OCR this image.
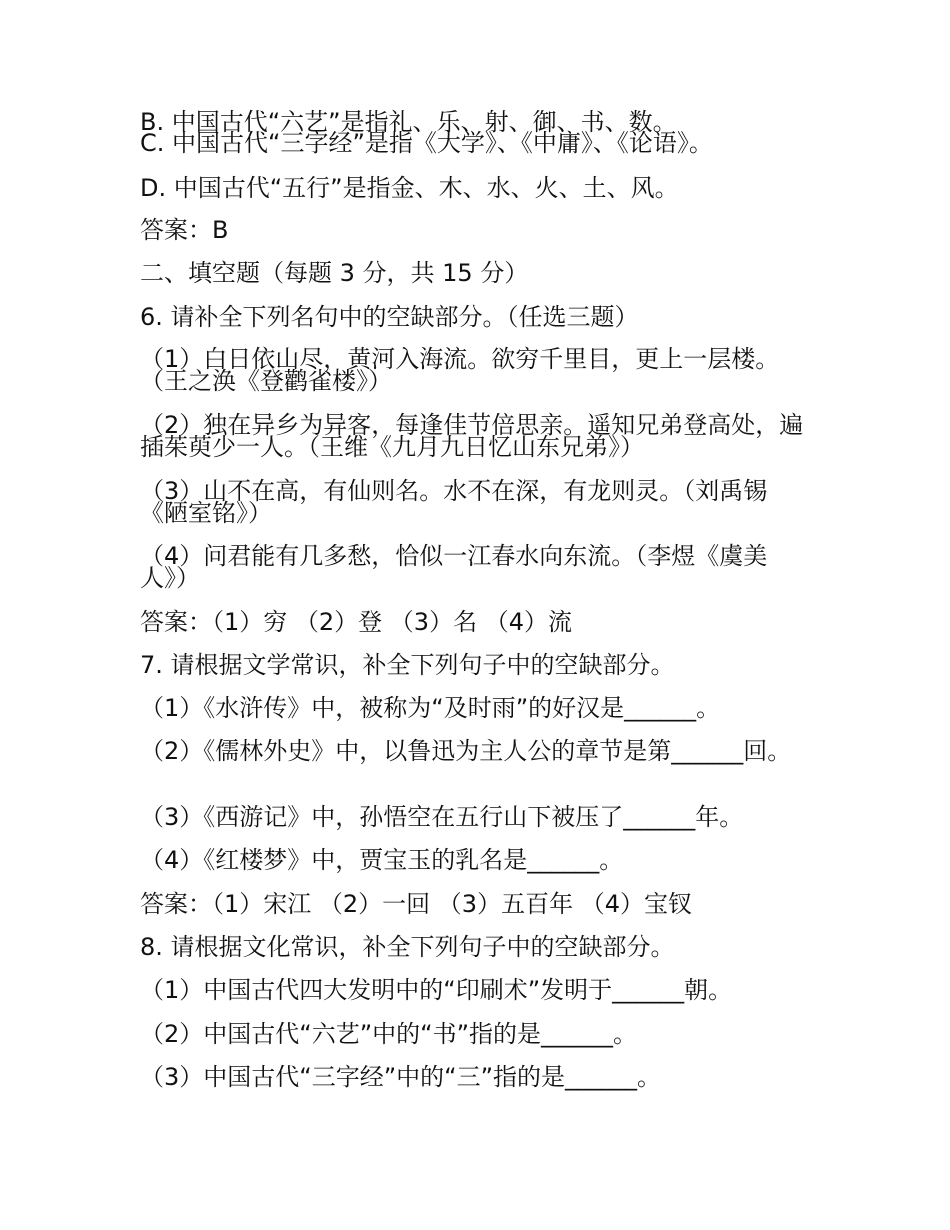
B. 中国古代“六艺”是指礼、乐、射、御、书、数。
C. 中国古代“三字经”是指《大学》、《中庸》、《论语》。
D. 中国古代“五行”是指金、木、水、火、土、风。
答案：B
二、填空题（每题 3 分，共 15 分）
6. 请补全下列名句中的空缺部分。（任选三题）
（1）白日依山尽，黄河入海流。欲穷千里目，更上一层楼。（王之涣《登鹳雀楼》）
（2）独在异乡为异客，每逢佳节倍思亲。遥知兄弟登高处，遍插茱萸少一人。（王维《九月九日忆山东兄弟》）
（3）山不在高，有仙则名。水不在深，有龙则灵。（刘禹锡《陋室铭》）
（4）问君能有几多愁，恰似一江春水向东流。（李煜《虞美人》）
答案：（1）穷 （2）登 （3）名 （4）流
7. 请根据文学常识，补全下列句子中的空缺部分。
（1）《水浒传》中，被称为“及时雨”的好汉是______。
（2）《儒林外史》中，以鲁迅为主人公的章节是第______回。
（3）《西游记》中，孙悟空在五行山下被压了______年。
（4）《红楼梦》中，贾宝玉的乳名是______。
答案：（1）宋江 （2）一回 （3）五百年 （4）宝钗
8. 请根据文化常识，补全下列句子中的空缺部分。
（1）中国古代四大发明中的“印刷术”发明于______朝。
（2）中国古代“六艺”中的“书”指的是______。
（3）中国古代“三字经”中的“三”指的是______。
